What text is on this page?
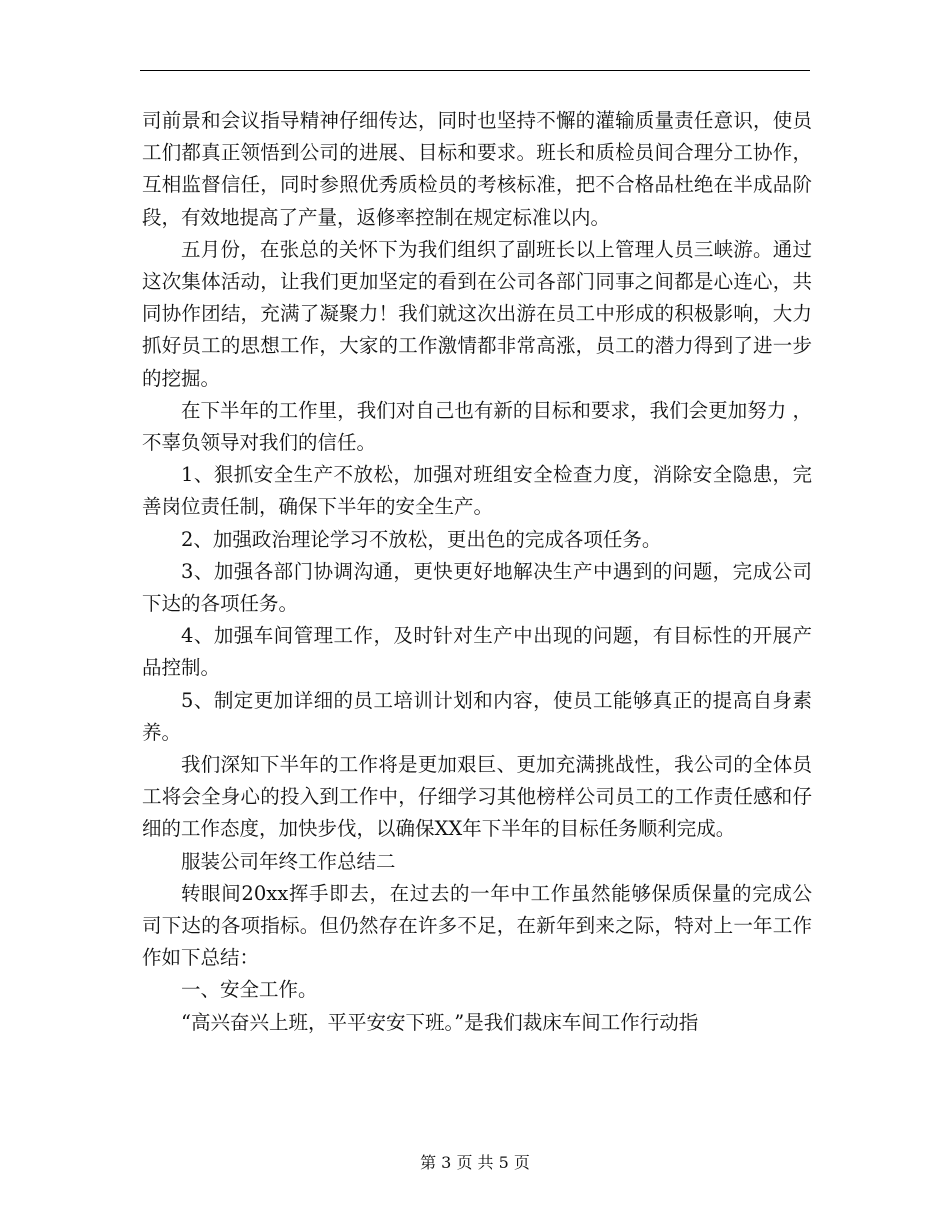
司前景和会议指导精神仔细传达，同时也坚持不懈的灌输质量责任意识，使员工们都真正领悟到公司的进展、目标和要求。班长和质检员间合理分工协作，互相监督信任，同时参照优秀质检员的考核标准，把不合格品杜绝在半成品阶段，有效地提高了产量，返修率控制在规定标准以内。

五月份，在张总的关怀下为我们组织了副班长以上管理人员三峡游。通过这次集体活动，让我们更加坚定的看到在公司各部门同事之间都是心连心，共同协作团结，充满了凝聚力！我们就这次出游在员工中形成的积极影响，大力抓好员工的思想工作，大家的工作激情都非常高涨，员工的潜力得到了进一步的挖掘。

在下半年的工作里，我们对自己也有新的目标和要求，我们会更加努力 ，不辜负领导对我们的信任。

1、狠抓安全生产不放松，加强对班组安全检查力度，消除安全隐患，完善岗位责任制，确保下半年的安全生产。

2、加强政治理论学习不放松，更出色的完成各项任务。

3、加强各部门协调沟通，更快更好地解决生产中遇到的问题，完成公司下达的各项任务。

4、加强车间管理工作，及时针对生产中出现的问题，有目标性的开展产品控制。

5、制定更加详细的员工培训计划和内容，使员工能够真正的提高自身素养。

我们深知下半年的工作将是更加艰巨、更加充满挑战性，我公司的全体员工将会全身心的投入到工作中，仔细学习其他榜样公司员工的工作责任感和仔细的工作态度，加快步伐，以确保XX年下半年的目标任务顺利完成。

服装公司年终工作总结二

转眼间20xx挥手即去，在过去的一年中工作虽然能够保质保量的完成公司下达的各项指标。但仍然存在许多不足，在新年到来之际，特对上一年工作作如下总结：

一、安全工作。

“高兴奋兴上班，平平安安下班。”是我们裁床车间工作行动指

第 3 页 共 5 页
